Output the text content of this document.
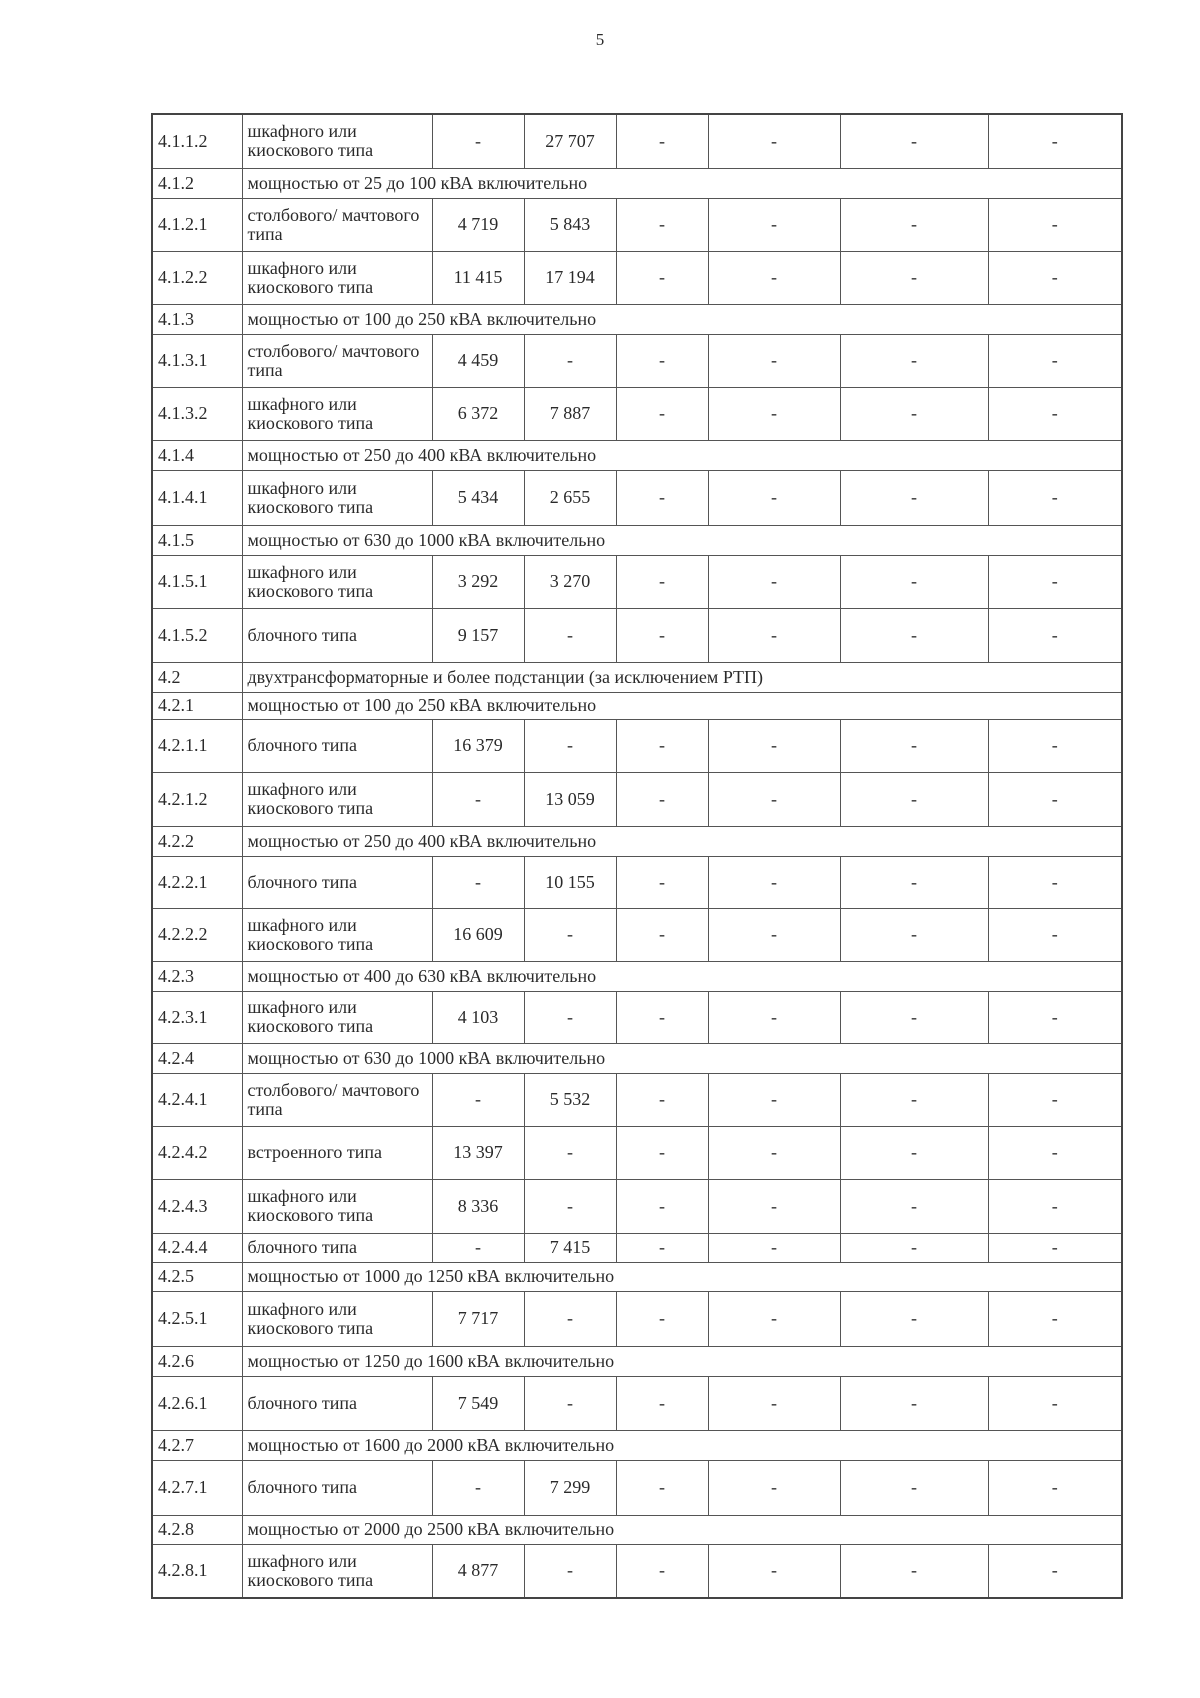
5
4.1.1.2	шкафного или киоскового типа	-	27 707	-	-	-	-
4.1.2	мощностью от 25 до 100 кВА включительно						
4.1.2.1	столбового/ мачтового типа	4 719	5 843	-	-	-	-
4.1.2.2	шкафного или киоскового типа	11 415	17 194	-	-	-	-
4.1.3	мощностью от 100 до 250 кВА включительно						
4.1.3.1	столбового/ мачтового типа	4 459	-	-	-	-	-
4.1.3.2	шкафного или киоскового типа	6 372	7 887	-	-	-	-
4.1.4	мощностью от 250 до 400 кВА включительно						
4.1.4.1	шкафного или киоскового типа	5 434	2 655	-	-	-	-
4.1.5	мощностью от 630 до 1000 кВА включительно						
4.1.5.1	шкафного или киоскового типа	3 292	3 270	-	-	-	-
4.1.5.2	блочного типа	9 157	-	-	-	-	-
4.2	двухтрансформаторные и более подстанции (за исключением РТП)						
4.2.1	мощностью от 100 до 250 кВА включительно						
4.2.1.1	блочного типа	16 379	-	-	-	-	-
4.2.1.2	шкафного или киоскового типа	-	13 059	-	-	-	-
4.2.2	мощностью от 250 до 400 кВА включительно						
4.2.2.1	блочного типа	-	10 155	-	-	-	-
4.2.2.2	шкафного или киоскового типа	16 609	-	-	-	-	-
4.2.3	мощностью от 400 до 630 кВА включительно						
4.2.3.1	шкафного или киоскового типа	4 103	-	-	-	-	-
4.2.4	мощностью от 630 до 1000 кВА включительно						
4.2.4.1	столбового/ мачтового типа	-	5 532	-	-	-	-
4.2.4.2	встроенного типа	13 397	-	-	-	-	-
4.2.4.3	шкафного или киоскового типа	8 336	-	-	-	-	-
4.2.4.4	блочного типа	-	7 415	-	-	-	-
4.2.5	мощностью от 1000 до 1250 кВА включительно						
4.2.5.1	шкафного или киоскового типа	7 717	-	-	-	-	-
4.2.6	мощностью от 1250 до 1600 кВА включительно						
4.2.6.1	блочного типа	7 549	-	-	-	-	-
4.2.7	мощностью от 1600 до 2000 кВА включительно						
4.2.7.1	блочного типа	-	7 299	-	-	-	-
4.2.8	мощностью от 2000 до 2500 кВА включительно						
4.2.8.1	шкафного или киоскового типа	4 877	-	-	-	-	-
